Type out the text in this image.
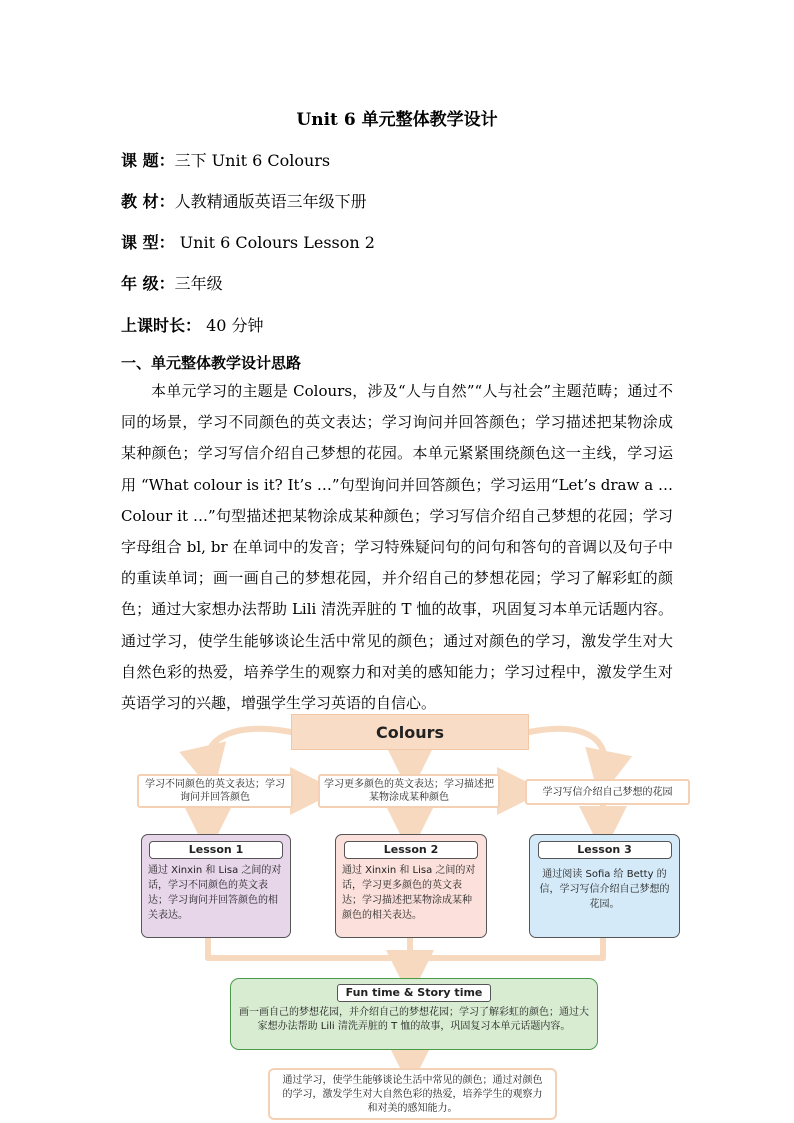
Unit 6 单元整体教学设计
课 题：三下 Unit 6 Colours
教 材：人教精通版英语三年级下册
课 型： Unit 6 Colours Lesson 2
年 级：三年级
上课时长： 40 分钟
一、单元整体教学设计思路

本单元学习的主题是 Colours，涉及“人与自然”“人与社会”主题范畴；通过不同的场景，学习不同颜色的英文表达；学习询问并回答颜色；学习描述把某物涂成某种颜色；学习写信介绍自己梦想的花园。本单元紧紧围绕颜色这一主线，学习运用 “What colour is it? It’s …”句型询问并回答颜色；学习运用“Let’s draw a … Colour it …”句型描述把某物涂成某种颜色；学习写信介绍自己梦想的花园；学习字母组合 bl, br 在单词中的发音；学习特殊疑问句的问句和答句的音调以及句子中的重读单词；画一画自己的梦想花园，并介绍自己的梦想花园；学习了解彩虹的颜色；通过大家想办法帮助 Lili 清洗弄脏的 T 恤的故事，巩固复习本单元话题内容。通过学习，使学生能够谈论生活中常见的颜色；通过对颜色的学习，激发学生对大自然色彩的热爱，培养学生的观察力和对美的感知能力；学习过程中，激发学生对英语学习的兴趣，增强学生学习英语的自信心。

Colours
学习不同颜色的英文表达；学习询问并回答颜色
学习更多颜色的英文表达；学习描述把某物涂成某种颜色	学习写信介绍自己梦想的花园
Lesson 1
通过 Xinxin 和 Lisa 之间的对话，学习不同颜色的英文表达；学习询问并回答颜色的相关表达。
Lesson 2
通过 Xinxin 和 Lisa 之间的对话，学习更多颜色的英文表达；学习描述把某物涂成某种颜色的相关表达。
Lesson 3
通过阅读 Sofia 给 Betty 的信，学习写信介绍自己梦想的花园。
Fun time & Story time
画一画自己的梦想花园，并介绍自己的梦想花园；学习了解彩虹的颜色；通过大家想办法帮助 Lili 清洗弄脏的 T 恤的故事，巩固复习本单元话题内容。
通过学习，使学生能够谈论生活中常见的颜色；通过对颜色的学习，激发学生对大自然色彩的热爱，培养学生的观察力和对美的感知能力。
